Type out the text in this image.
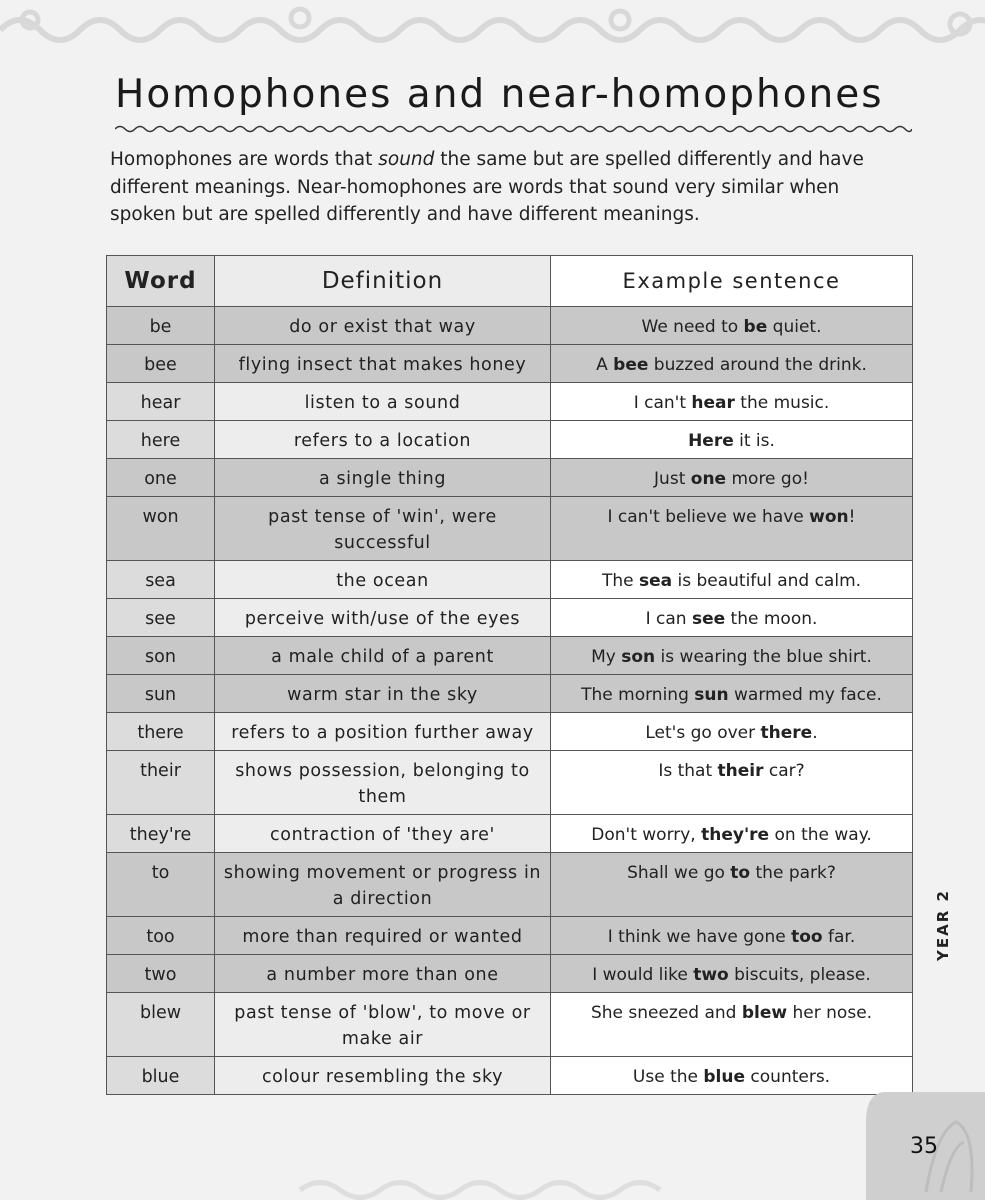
Homophones and near-homophones

Homophones are words that sound the same but are spelled differently and have different meanings. Near-homophones are words that sound very similar when spoken but are spelled differently and have different meanings.

Word	Definition	Example sentence
be	do or exist that way	We need to be quiet.
bee	flying insect that makes honey	A bee buzzed around the drink.
hear	listen to a sound	I can't hear the music.
here	refers to a location	Here it is.
one	a single thing	Just one more go!
won	past tense of 'win', were successful	I can't believe we have won!
sea	the ocean	The sea is beautiful and calm.
see	perceive with/use of the eyes	I can see the moon.
son	a male child of a parent	My son is wearing the blue shirt.
sun	warm star in the sky	The morning sun warmed my face.
there	refers to a position further away	Let's go over there.
their	shows possession, belonging to them	Is that their car?
they're	contraction of 'they are'	Don't worry, they're on the way.
to	showing movement or progress in a direction	Shall we go to the park?
too	more than required or wanted	I think we have gone too far.
two	a number more than one	I would like two biscuits, please.
blew	past tense of 'blow', to move or make air	She sneezed and blew her nose.
blue	colour resembling the sky	Use the blue counters.
YEAR 2
35
